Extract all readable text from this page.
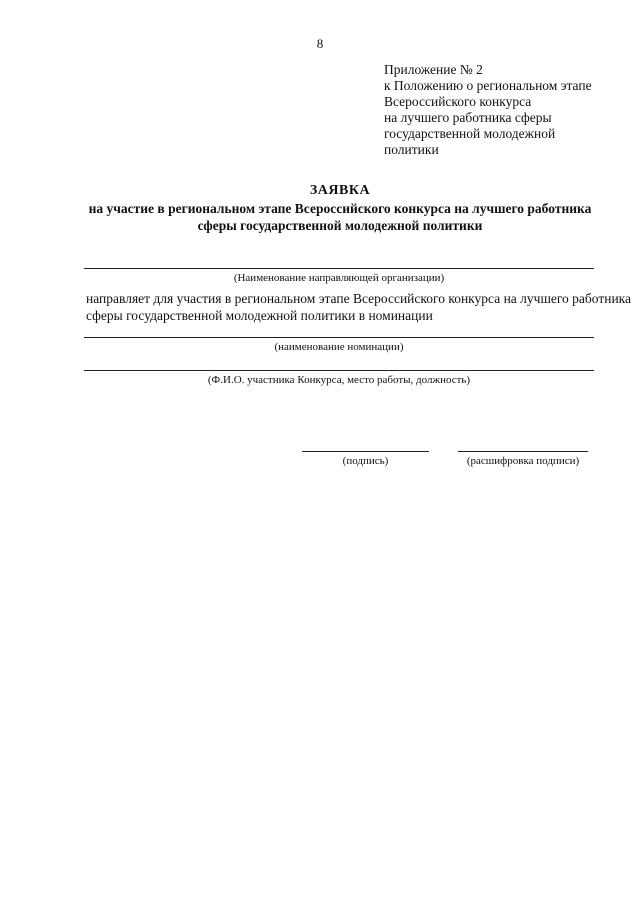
8
Приложение № 2
к Положению о региональном этапе
Всероссийского конкурса
на лучшего работника сферы
государственной молодежной
политики
ЗАЯВКА
на участие в региональном этапе Всероссийского конкурса на лучшего работника
сферы государственной молодежной политики
(Наименование направляющей организации)
направляет для участия в региональном этапе Всероссийского конкурса на лучшего работника
сферы государственной молодежной политики в номинации
(наименование номинации)
(Ф.И.О. участника Конкурса, место работы, должность)
(подпись)	(расшифровка подписи)
